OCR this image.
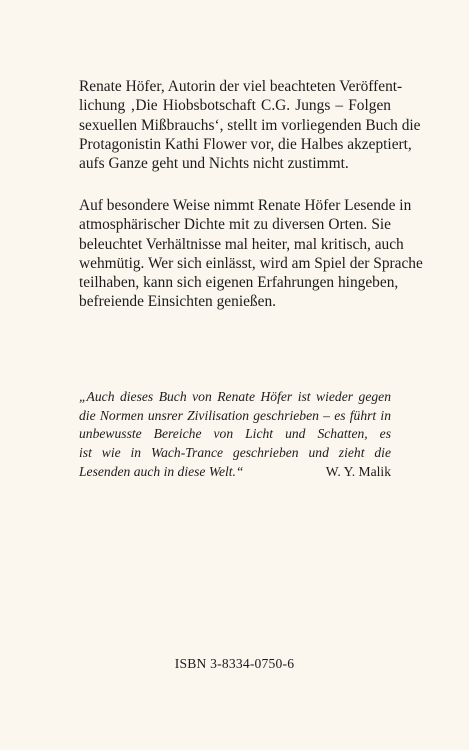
Renate Höfer, Autorin der viel beachteten Veröffent-
lichung ‚Die Hiobsbotschaft C.G. Jungs – Folgen
sexuellen Mißbrauchs‘, stellt im vorliegenden Buch die
Protagonistin Kathi Flower vor, die Halbes akzeptiert,
aufs Ganze geht und Nichts nicht zustimmt.
Auf besondere Weise nimmt Renate Höfer Lesende in
atmosphärischer Dichte mit zu diversen Orten. Sie
beleuchtet Verhältnisse mal heiter, mal kritisch, auch
wehmütig. Wer sich einlässt, wird am Spiel der Sprache
teilhaben, kann sich eigenen Erfahrungen hingeben,
befreiende Einsichten genießen.
„Auch dieses Buch von Renate Höfer ist wieder gegen
die Normen unsrer Zivilisation geschrieben – es führt in
unbewusste Bereiche von Licht und Schatten, es
ist wie in Wach-Trance geschrieben und zieht die
Lesenden auch in diese Welt.“	W. Y. Malik
ISBN 3-8334-0750-6
